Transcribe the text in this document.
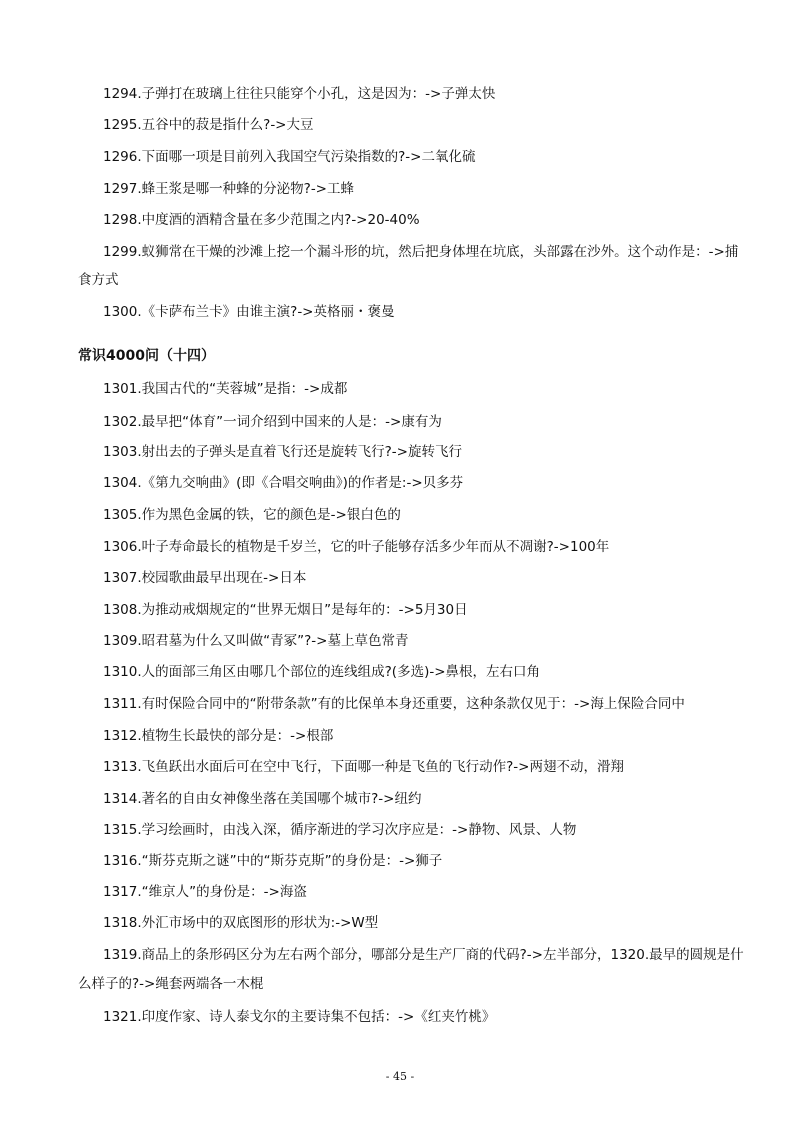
1294.子弹打在玻璃上往往只能穿个小孔，这是因为：->子弹太快
1295.五谷中的菽是指什么?->大豆
1296.下面哪一项是目前列入我国空气污染指数的?->二氧化硫
1297.蜂王浆是哪一种蜂的分泌物?->工蜂
1298.中度酒的酒精含量在多少范围之内?->20-40%
1299.蚁狮常在干燥的沙滩上挖一个漏斗形的坑，然后把身体埋在坑底，头部露在沙外。这个动作是：->捕
食方式
1300.《卡萨布兰卡》由谁主演?->英格丽・褒曼
常识4000问（十四）
1301.我国古代的“芙蓉城”是指：->成都
1302.最早把“体育”一词介绍到中国来的人是：->康有为
1303.射出去的子弹头是直着飞行还是旋转飞行?->旋转飞行
1304.《第九交响曲》(即《合唱交响曲》)的作者是:->贝多芬
1305.作为黑色金属的铁，它的颜色是->银白色的
1306.叶子寿命最长的植物是千岁兰，它的叶子能够存活多少年而从不凋谢?->100年
1307.校园歌曲最早出现在->日本
1308.为推动戒烟规定的“世界无烟日”是每年的：->5月30日
1309.昭君墓为什么又叫做“青冢”?->墓上草色常青
1310.人的面部三角区由哪几个部位的连线组成?(多选)->鼻根，左右口角
1311.有时保险合同中的“附带条款”有的比保单本身还重要，这种条款仅见于：->海上保险合同中
1312.植物生长最快的部分是：->根部
1313.飞鱼跃出水面后可在空中飞行，下面哪一种是飞鱼的飞行动作?->两翅不动，滑翔
1314.著名的自由女神像坐落在美国哪个城市?->纽约
1315.学习绘画时，由浅入深，循序渐进的学习次序应是：->静物、风景、人物
1316.“斯芬克斯之谜”中的“斯芬克斯”的身份是：->狮子
1317.“维京人”的身份是：->海盗
1318.外汇市场中的双底图形的形状为:->W型
1319.商品上的条形码区分为左右两个部分，哪部分是生产厂商的代码?->左半部分，1320.最早的圆规是什
么样子的?->绳套两端各一木棍
1321.印度作家、诗人泰戈尔的主要诗集不包括：->《红夹竹桃》
- 45 -
